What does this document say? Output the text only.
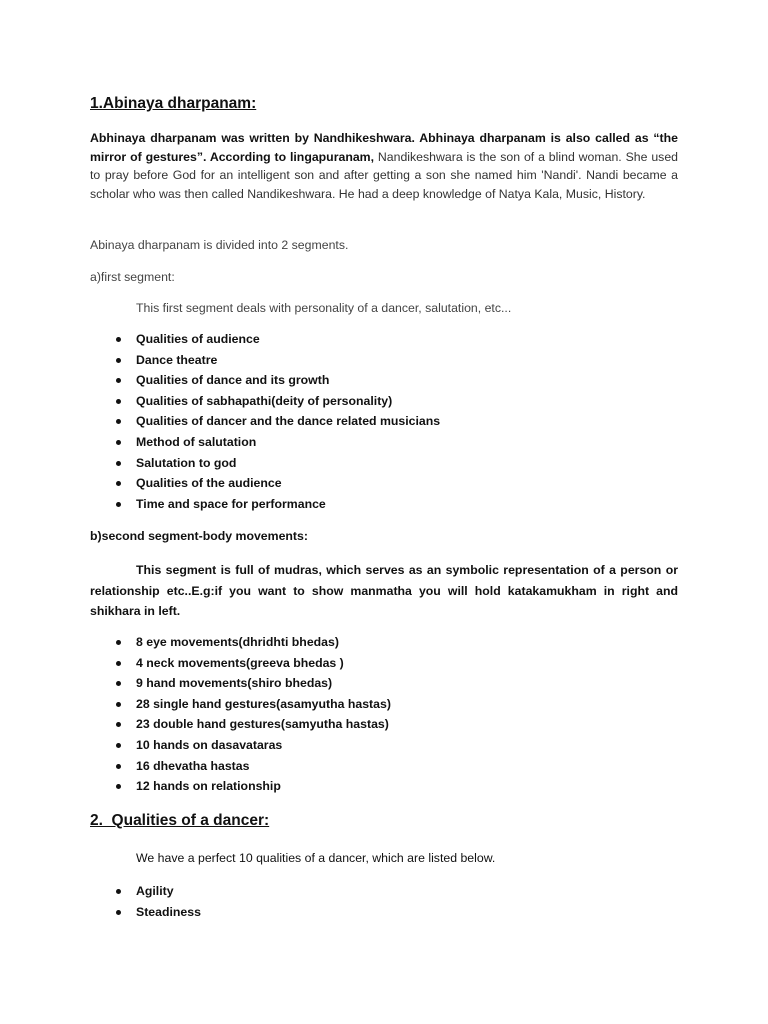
1.Abinaya dharpanam:
Abhinaya dharpanam was written by Nandhikeshwara. Abhinaya dharpanam is also called as “the mirror of gestures”. According to lingapuranam, Nandikeshwara is the son of a blind woman. She used to pray before God for an intelligent son and after getting a son she named him 'Nandi'. Nandi became a scholar who was then called Nandikeshwara. He had a deep knowledge of Natya Kala, Music, History.
Abinaya dharpanam is divided into 2 segments.
a)first segment:
This first segment deals with personality of a dancer, salutation, etc...
Qualities of audience
Dance theatre
Qualities of dance and its growth
Qualities of sabhapathi(deity of personality)
Qualities of dancer and the dance related musicians
Method of salutation
Salutation to god
Qualities of the audience
Time and space for performance
b)second segment-body movements:
This segment is full of mudras, which serves as an symbolic representation of a person or relationship etc..E.g:if you want to show manmatha you will hold katakamukham in right and shikhara in left.
8 eye movements(dhridhti bhedas)
4 neck movements(greeva bhedas )
9 hand movements(shiro bhedas)
28 single hand gestures(asamyutha hastas)
23 double hand gestures(samyutha hastas)
10 hands on dasavataras
16 dhevatha hastas
12 hands on relationship
2.  Qualities of a dancer:
We have a perfect 10 qualities of a dancer, which are listed below.
Agility
Steadiness
